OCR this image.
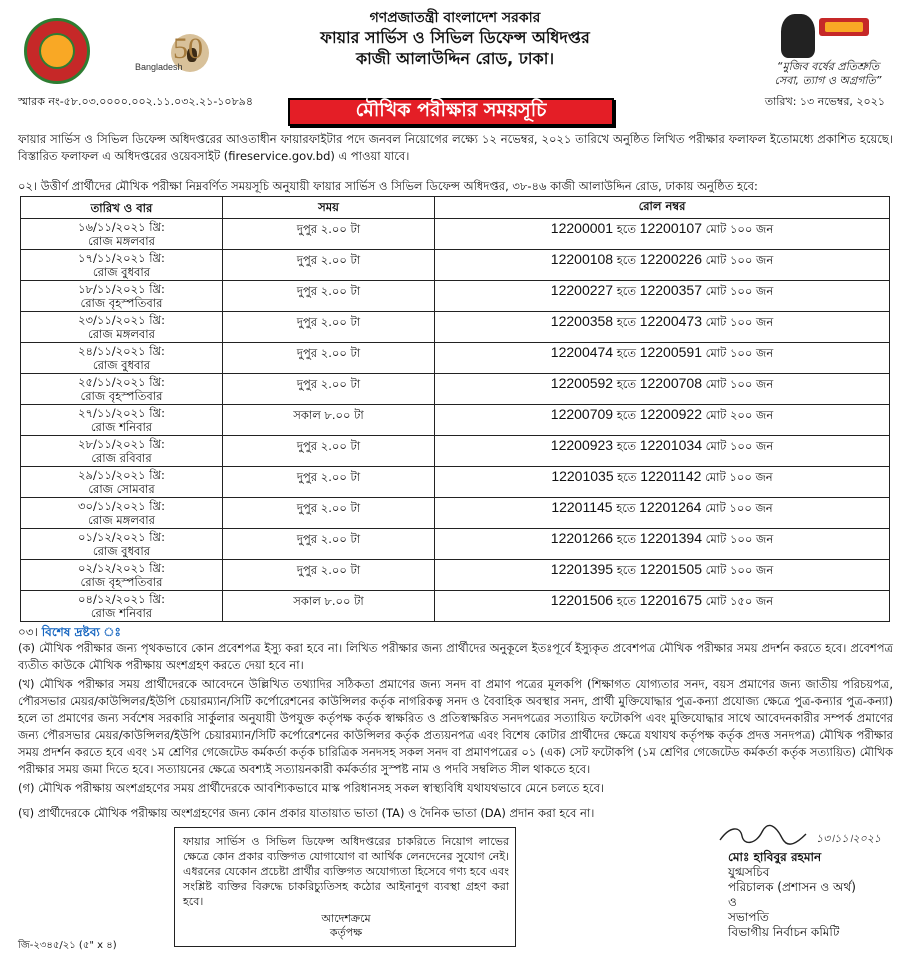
50
Bangladesh
গণপ্রজাতন্ত্রী বাংলাদেশ সরকার
ফায়ার সার্ভিস ও সিভিল ডিফেন্স অধিদপ্তর
কাজী আলাউদ্দিন রোড, ঢাকা।	“মুজিব বর্ষের প্রতিশ্রুতি
সেবা, ত্যাগ ও অগ্রগতি”
স্মারক নং-৫৮.০৩.০০০০.০০২.১১.০৩২.২১-১০৮৯৪	তারিখ: ১৩ নভেম্বর, ২০২১
মৌখিক পরীক্ষার সময়সূচি
ফায়ার সার্ভিস ও সিভিল ডিফেন্স অধিদপ্তরের আওতাধীন ফায়ারফাইটার পদে জনবল নিয়োগের লক্ষ্যে ১২ নভেম্বর, ২০২১ তারিখে অনুষ্ঠিত লিখিত পরীক্ষার ফলাফল ইতোমধ্যে প্রকাশিত হয়েছে। বিস্তারিত ফলাফল এ অধিদপ্তরের ওয়েবসাইট (fireservice.gov.bd) এ পাওয়া যাবে।
০২। উত্তীর্ণ প্রার্থীদের মৌখিক পরীক্ষা নিম্নবর্ণিত সময়সূচি অনুযায়ী ফায়ার সার্ভিস ও সিভিল ডিফেন্স অধিদপ্তর, ৩৮-৪৬ কাজী আলাউদ্দিন রোড, ঢাকায় অনুষ্ঠিত হবে:
তারিখ ও বার	সময়	রোল নম্বর

১৬/১১/২০২১ খ্রি:
রোজ মঙ্গলবার	দুপুর ২.০০ টা	12200001 হতে 12200107 মোট ১০০ জন

১৭/১১/২০২১ খ্রি:
রোজ বুধবার	দুপুর ২.০০ টা	12200108 হতে 12200226 মোট ১০০ জন

১৮/১১/২০২১ খ্রি:
রোজ বৃহস্পতিবার	দুপুর ২.০০ টা	12200227 হতে 12200357 মোট ১০০ জন

২৩/১১/২০২১ খ্রি:
রোজ মঙ্গলবার	দুপুর ২.০০ টা	12200358 হতে 12200473 মোট ১০০ জন

২৪/১১/২০২১ খ্রি:
রোজ বুধবার	দুপুর ২.০০ টা	12200474 হতে 12200591 মোট ১০০ জন

২৫/১১/২০২১ খ্রি:
রোজ বৃহস্পতিবার	দুপুর ২.০০ টা	12200592 হতে 12200708 মোট ১০০ জন

২৭/১১/২০২১ খ্রি:
রোজ শনিবার	সকাল ৮.০০ টা	12200709 হতে 12200922 মোট ২০০ জন

২৮/১১/২০২১ খ্রি:
রোজ রবিবার	দুপুর ২.০০ টা	12200923 হতে 12201034 মোট ১০০ জন

২৯/১১/২০২১ খ্রি:
রোজ সোমবার	দুপুর ২.০০ টা	12201035 হতে 12201142 মোট ১০০ জন

৩০/১১/২০২১ খ্রি:
রোজ মঙ্গলবার	দুপুর ২.০০ টা	12201145 হতে 12201264 মোট ১০০ জন

০১/১২/২০২১ খ্রি:
রোজ বুধবার	দুপুর ২.০০ টা	12201266 হতে 12201394 মোট ১০০ জন

০২/১২/২০২১ খ্রি:
রোজ বৃহস্পতিবার	দুপুর ২.০০ টা	12201395 হতে 12201505 মোট ১০০ জন

০৪/১২/২০২১ খ্রি:
রোজ শনিবার	সকাল ৮.০০ টা	12201506 হতে 12201675 মোট ১৫০ জন
০৩। বিশেষ দ্রষ্টব্য ঃ
(ক) মৌখিক পরীক্ষার জন্য পৃথকভাবে কোন প্রবেশপত্র ইস্যু করা হবে না। লিখিত পরীক্ষার জন্য প্রার্থীদের অনুকূলে ইতঃপূর্বে ইস্যুকৃত প্রবেশপত্র মৌখিক পরীক্ষার সময় প্রদর্শন করতে হবে। প্রবেশপত্র ব্যতীত কাউকে মৌখিক পরীক্ষায় অংশগ্রহণ করতে দেয়া হবে না।
(খ) মৌখিক পরীক্ষার সময় প্রার্থীদেরকে আবেদনে উল্লিখিত তথ্যাদির সঠিকতা প্রমাণের জন্য সনদ বা প্রমাণ পত্রের মূলকপি (শিক্ষাগত যোগ্যতার সনদ, বয়স প্রমাণের জন্য জাতীয় পরিচয়পত্র, পৌরসভার মেয়র/কাউন্সিলর/ইউপি চেয়ারম্যান/সিটি কর্পোরেশনের কাউন্সিলর কর্তৃক নাগরিকত্ব সনদ ও বৈবাহিক অবস্থার সনদ, প্রার্থী মুক্তিযোদ্ধার পুত্র-কন্যা প্রযোজ্য ক্ষেত্রে পুত্র-কন্যার পুত্র-কন্যা) হলে তা প্রমাণের জন্য সর্বশেষ সরকারি সার্কুলার অনুযায়ী উপযুক্ত কর্তৃপক্ষ কর্তৃক স্বাক্ষরিত ও প্রতিস্বাক্ষরিত সনদপত্রের সত্যায়িত ফটোকপি এবং মুক্তিযোদ্ধার সাথে আবেদনকারীর সম্পর্ক প্রমাণের জন্য পৌরসভার মেয়র/কাউন্সিলর/ইউপি চেয়ারম্যান/সিটি কর্পোরেশনের কাউন্সিলর কর্তৃক প্রত্যয়নপত্র এবং বিশেষ কোটার প্রার্থীদের ক্ষেত্রে যথাযথ কর্তৃপক্ষ কর্তৃক প্রদত্ত সনদপত্র) মৌখিক পরীক্ষার সময় প্রদর্শন করতে হবে এবং ১ম শ্রেণির গেজেটেড কর্মকর্তা কর্তৃক চারিত্রিক সনদসহ সকল সনদ বা প্রমাণপত্রের ০১ (এক) সেট ফটোকপি (১ম শ্রেণির গেজেটেড কর্মকর্তা কর্তৃক সত্যায়িত) মৌখিক পরীক্ষার সময় জমা দিতে হবে। সত্যায়নের ক্ষেত্রে অবশ্যই সত্যায়নকারী কর্মকর্তার সুস্পষ্ট নাম ও পদবি সম্বলিত সীল থাকতে হবে।
(গ) মৌখিক পরীক্ষায় অংশগ্রহণের সময় প্রার্থীদেরকে আবশ্যিকভাবে মাস্ক পরিধানসহ সকল স্বাস্থ্যবিধি যথাযথভাবে মেনে চলতে হবে।
(ঘ) প্রার্থীদেরকে মৌখিক পরীক্ষায় অংশগ্রহণের জন্য কোন প্রকার যাতায়াত ভাতা (TA) ও দৈনিক ভাতা (DA) প্রদান করা হবে না।
ফায়ার সার্ভিস ও সিভিল ডিফেন্স অধিদপ্তরের চাকরিতে নিয়োগ লাভের ক্ষেত্রে কোন প্রকার ব্যক্তিগত যোগাযোগ বা আর্থিক লেনদেনের সুযোগ নেই। এধরনের যেকোন প্রচেষ্টা প্রার্থীর ব্যক্তিগত অযোগ্যতা হিসেবে গণ্য হবে এবং সংশ্লিষ্ট ব্যক্তির বিরুদ্ধে চাকরিচ্যুতিসহ কঠোর আইনানুগ ব্যবস্থা গ্রহণ করা হবে।
আদেশক্রমে
কর্তৃপক্ষ
১৩।১১।২০২১
মোঃ হাবিবুর রহমান
যুগ্মসচিব
পরিচালক (প্রশাসন ও অর্থ)
ও
সভাপতি
বিভাগীয় নির্বাচন কমিটি
জি-২৩৪৫/২১ (৫" x ৪)
